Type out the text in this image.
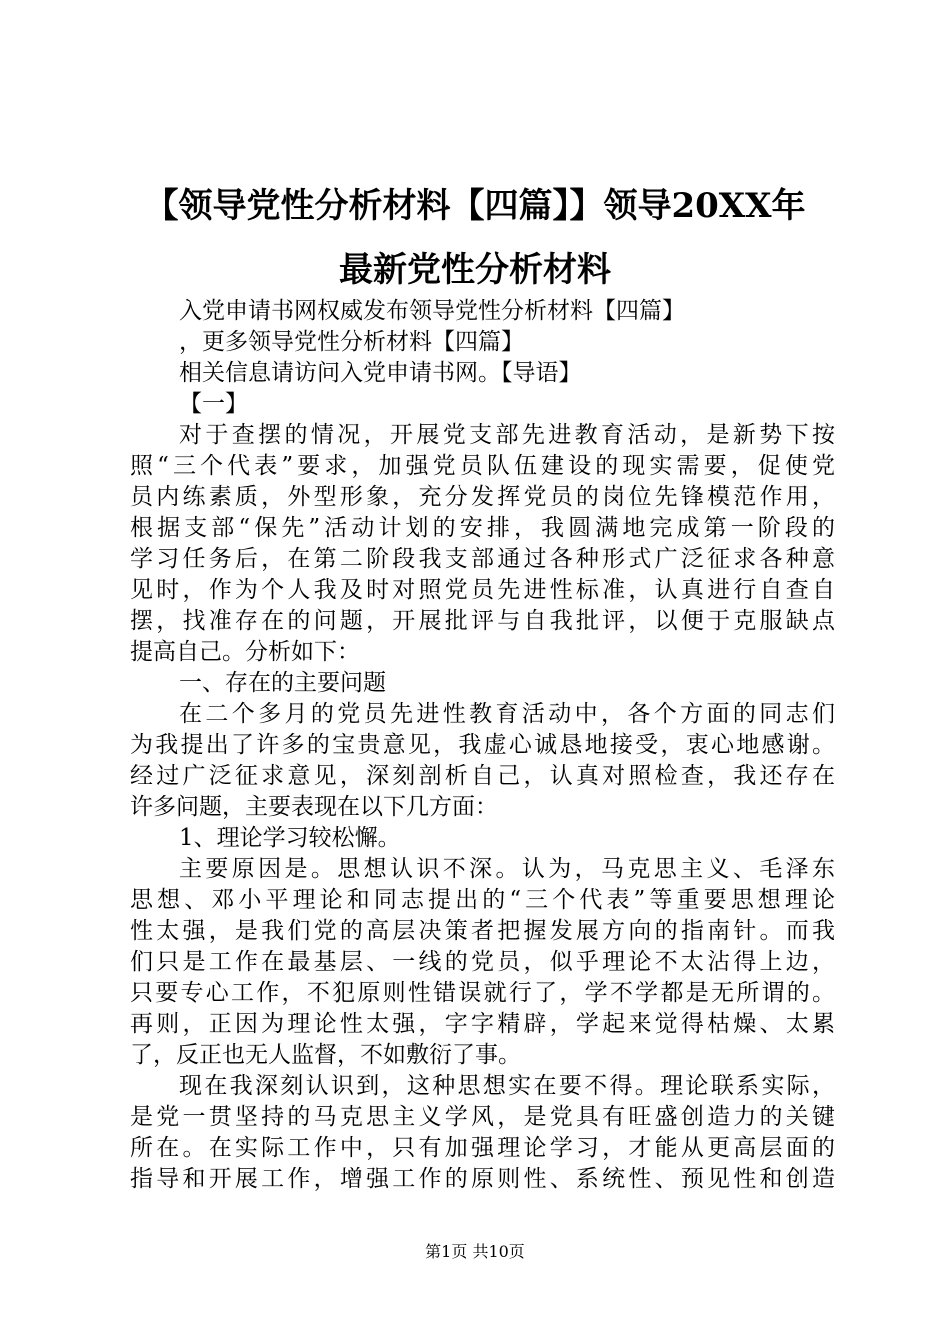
【领导党性分析材料【四篇】】领导20XX年
最新党性分析材料
入党申请书网权威发布领导党性分析材料【四篇】
，更多领导党性分析材料【四篇】
相关信息请访问入党申请书网。【导语】
【一】
对于查摆的情况，开展党支部先进教育活动，是新势下按
照“三个代表”要求，加强党员队伍建设的现实需要，促使党
员内练素质，外型形象，充分发挥党员的岗位先锋模范作用，
根据支部“保先”活动计划的安排，我圆满地完成第一阶段的
学习任务后，在第二阶段我支部通过各种形式广泛征求各种意
见时，作为个人我及时对照党员先进性标准，认真进行自查自
摆，找准存在的问题，开展批评与自我批评，以便于克服缺点
提高自己。分析如下：
一、存在的主要问题
在二个多月的党员先进性教育活动中，各个方面的同志们
为我提出了许多的宝贵意见，我虚心诚恳地接受，衷心地感谢。
经过广泛征求意见，深刻剖析自己，认真对照检查，我还存在
许多问题，主要表现在以下几方面：
1、理论学习较松懈。
主要原因是。思想认识不深。认为，马克思主义、毛泽东
思想、邓小平理论和同志提出的“三个代表”等重要思想理论
性太强，是我们党的高层决策者把握发展方向的指南针。而我
们只是工作在最基层、一线的党员，似乎理论不太沾得上边，
只要专心工作，不犯原则性错误就行了，学不学都是无所谓的。
再则，正因为理论性太强，字字精辟，学起来觉得枯燥、太累
了，反正也无人监督，不如敷衍了事。
现在我深刻认识到，这种思想实在要不得。理论联系实际，
是党一贯坚持的马克思主义学风，是党具有旺盛创造力的关键
所在。在实际工作中，只有加强理论学习，才能从更高层面的
指导和开展工作，增强工作的原则性、系统性、预见性和创造
第1页 共10页
